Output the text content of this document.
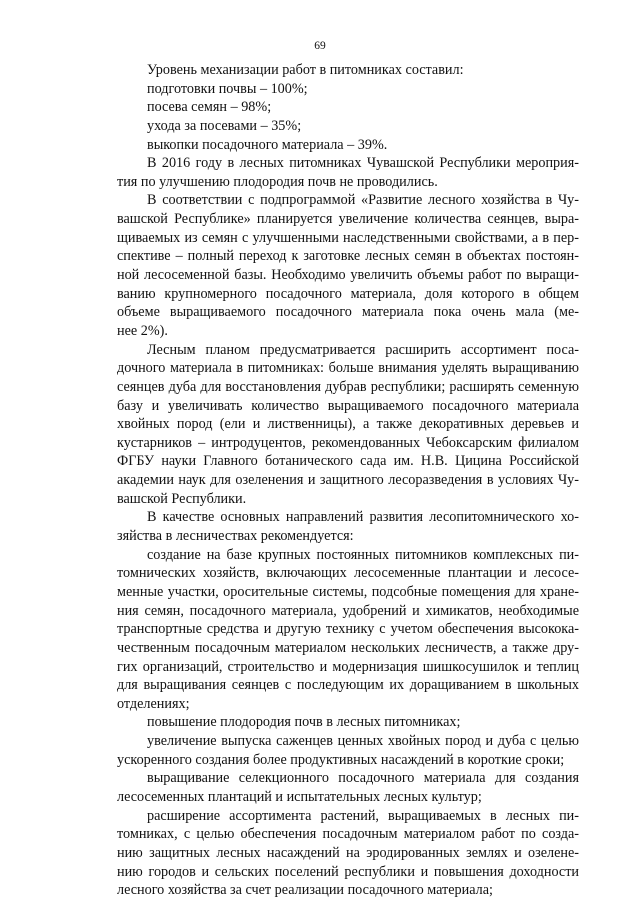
69
Уровень механизации работ в питомниках составил:
подготовки почвы – 100%;
посева семян – 98%;
ухода за посевами – 35%;
выкопки посадочного материала – 39%.
В 2016 году в лесных питомниках Чувашской Республики мероприя-
тия по улучшению плодородия почв не проводились.
В соответствии с подпрограммой «Развитие лесного хозяйства в Чу-
вашской Республике» планируется увеличение количества сеянцев, выра-
щиваемых из семян с улучшенными наследственными свойствами, а в пер-
спективе – полный переход к заготовке лесных семян в объектах постоян-
ной лесосеменной базы. Необходимо увеличить объемы работ по выращи-
ванию крупномерного посадочного материала, доля которого в общем
объеме выращиваемого посадочного материала пока очень мала (ме-
нее 2%).
Лесным планом предусматривается расширить ассортимент поса-
дочного материала в питомниках: больше внимания уделять выращиванию
сеянцев дуба для восстановления дубрав республики; расширять семенную
базу и увеличивать количество выращиваемого посадочного материала
хвойных пород (ели и лиственницы), а также декоративных деревьев и
кустарников – интродуцентов, рекомендованных Чебоксарским филиалом
ФГБУ науки Главного ботанического сада им. Н.В. Цицина Российской
академии наук для озеленения и защитного лесоразведения в условиях Чу-
вашской Республики.
В качестве основных направлений развития лесопитомнического хо-
зяйства в лесничествах рекомендуется:
создание на базе крупных постоянных питомников комплексных пи-
томнических хозяйств, включающих лесосеменные плантации и лесосе-
менные участки, оросительные системы, подсобные помещения для хране-
ния семян, посадочного материала, удобрений и химикатов, необходимые
транспортные средства и другую технику с учетом обеспечения высокока-
чественным посадочным материалом нескольких лесничеств, а также дру-
гих организаций, строительство и модернизация шишкосушилок и теплиц
для выращивания сеянцев с последующим их доращиванием в школьных
отделениях;
повышение плодородия почв в лесных питомниках;
увеличение выпуска саженцев ценных хвойных пород и дуба с целью
ускоренного создания более продуктивных насаждений в короткие сроки;
выращивание селекционного посадочного материала для создания
лесосеменных плантаций и испытательных лесных культур;
расширение ассортимента растений, выращиваемых в лесных пи-
томниках, с целью обеспечения посадочным материалом работ по созда-
нию защитных лесных насаждений на эродированных землях и озелене-
нию городов и сельских поселений республики и повышения доходности
лесного хозяйства за счет реализации посадочного материала;
